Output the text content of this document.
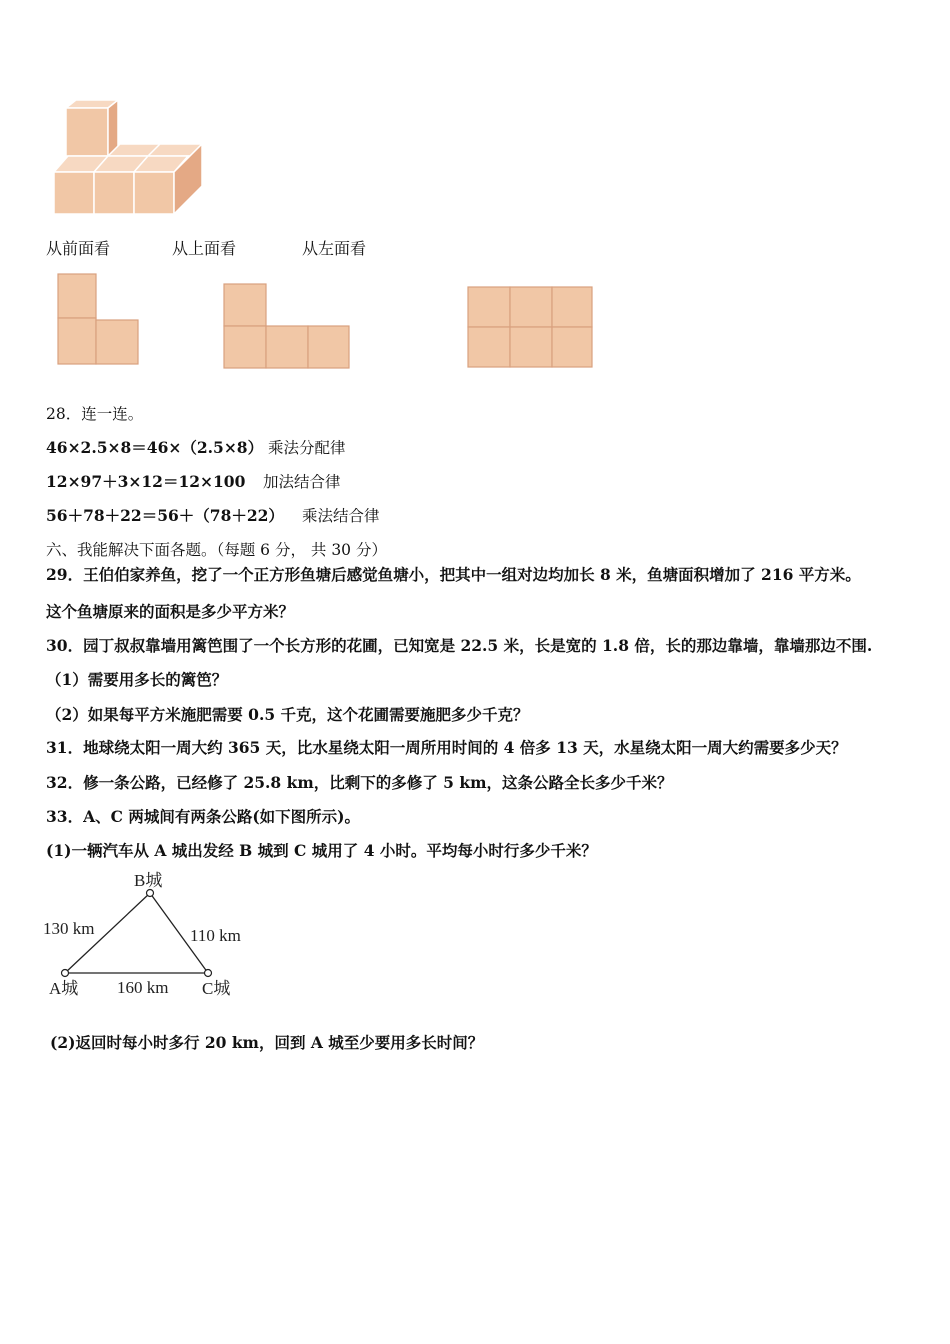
从前面看	从上面看	从左面看
28．连一连。
46×2.5×8＝46×（2.5×8） 乘法分配律
12×97＋3×12＝12×100 加法结合律
56＋78＋22＝56＋（78＋22） 乘法结合律
六、我能解决下面各题。（每题 6 分， 共 30 分）
29．王伯伯家养鱼，挖了一个正方形鱼塘后感觉鱼塘小，把其中一组对边均加长 8 米，鱼塘面积增加了 216 平方米。
这个鱼塘原来的面积是多少平方米？
30．园丁叔叔靠墙用篱笆围了一个长方形的花圃，已知宽是 22.5 米，长是宽的 1.8 倍，长的那边靠墙，靠墙那边不围.
（1）需要用多长的篱笆？
（2）如果每平方米施肥需要 0.5 千克，这个花圃需要施肥多少千克？
31．地球绕太阳一周大约 365 天，比水星绕太阳一周所用时间的 4 倍多 13 天，水星绕太阳一周大约需要多少天？
32．修一条公路，已经修了 25.8 km，比剩下的多修了 5 km，这条公路全长多少千米？
33．A、C 两城间有两条公路(如下图所示)。
(1)一辆汽车从 A 城出发经 B 城到 C 城用了 4 小时。平均每小时行多少千米？
B城
A城	C城
130 km	110 km
160 km
(2)返回时每小时多行 20 km，回到 A 城至少要用多长时间？
